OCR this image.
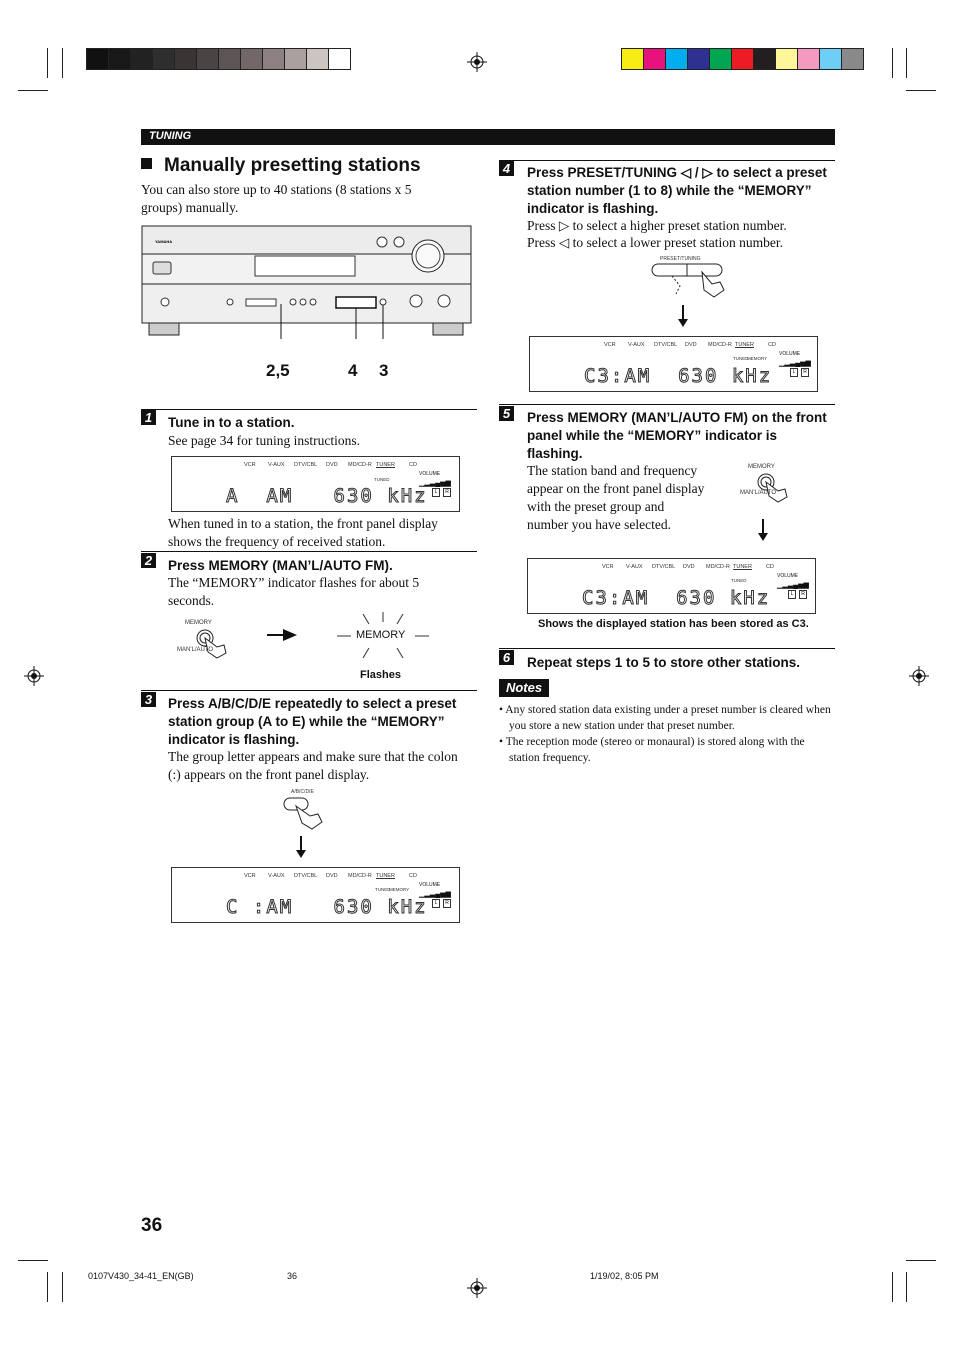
TUNING
Manually presetting stations
You can also store up to 40 stations (8 stations x 5 groups) manually.
YAMAHA
2,5	4 3
1 Tune in to a station.
See page 34 for tuning instructions.
VCR V-AUX DTV/CBL DVD MD/CD-R TUNER	CD
TUNED
VOLUME
▁▂▃▄▅▆
L R
A  AM   630 kHz
When tuned in to a station, the front panel display shows the frequency of received station.
2 Press MEMORY (MAN’L/AUTO FM).
The “MEMORY” indicator flashes for about 5 seconds.
MEMORY
MAN'L/AUTO
MEMORY
Flashes
3 Press A/B/C/D/E repeatedly to select a preset station group (A to E) while the “MEMORY” indicator is flashing.
The group letter appears and make sure that the colon (:) appears on the front panel display.
A/B/C/D/E
VCR V-AUX DTV/CBL DVD MD/CD-R TUNER	CD
TUNED
MEMORY
VOLUME
▁▂▃▄▅▆
L R
C :AM   630 kHz
4 Press PRESET/TUNING ◁ / ▷ to select a preset station number (1 to 8) while the “MEMORY” indicator is flashing.
Press ▷ to select a higher preset station number.
Press ◁ to select a lower preset station number.
PRESET/TUNING
VCR V-AUX DTV/CBL DVD MD/CD-R TUNER	CD
TUNED
MEMORY
VOLUME
▁▂▃▄▅▆
L R
C3:AM  630 kHz
5 Press MEMORY (MAN’L/AUTO FM) on the front panel while the “MEMORY” indicator is flashing.
The station band and frequency appear on the front panel display with the preset group and number you have selected.
MEMORY
MAN'L/AUTO
VCR V-AUX DTV/CBL DVD MD/CD-R TUNER	CD
TUNED
VOLUME
▁▂▃▄▅▆
L R
C3:AM  630 kHz
Shows the displayed station has been stored as C3.
6 Repeat steps 1 to 5 to store other stations.
Notes
• Any stored station data existing under a preset number is cleared when you store a new station under that preset number.
• The reception mode (stereo or monaural) is stored along with the station frequency.
36
0107V430_34-41_EN(GB)	36	1/19/02, 8:05 PM
